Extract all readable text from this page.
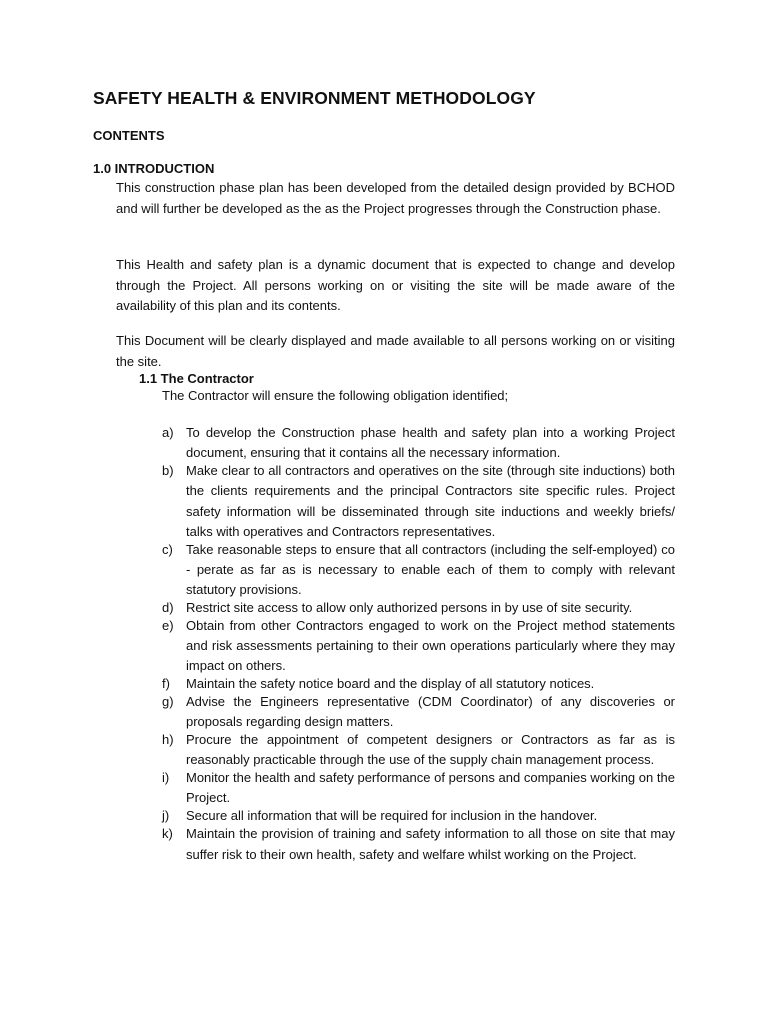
SAFETY HEALTH & ENVIRONMENT METHODOLOGY
CONTENTS
1.0 INTRODUCTION
This construction phase plan has been developed from the detailed design provided by BCHOD and will further be developed as the as the Project progresses through the Construction phase.
This Health and safety plan is a dynamic document that is expected to change and develop through the Project. All persons working on or visiting the site will be made aware of the availability of this plan and its contents.
This Document will be clearly displayed and made available to all persons working on or visiting the site.
1.1 The Contractor
The Contractor will ensure the following obligation identified;
a) To develop the Construction phase health and safety plan into a working Project document, ensuring that it contains all the necessary information.
b) Make clear to all contractors and operatives on the site (through site inductions) both the clients requirements and the principal Contractors site specific rules. Project safety information will be disseminated through site inductions and weekly briefs/ talks with operatives and Contractors representatives.
c)	Take reasonable steps to ensure that all contractors (including the self-employed) co - perate as far as is necessary to enable each of them to comply with relevant statutory provisions.
d) Restrict site access to allow only authorized persons in by use of site security.
e) Obtain from other Contractors engaged to work on the Project method statements and risk assessments pertaining to their own operations particularly where they may impact on others.
f)	Maintain the safety notice board and the display of all statutory notices.
g) Advise the Engineers representative (CDM Coordinator) of any discoveries or proposals regarding design matters.
h) Procure the appointment of competent designers or Contractors as far as is reasonably practicable through the use of the supply chain management process.
i)	Monitor the health and safety performance of persons and companies working on the Project.
j)	Secure all information that will be required for inclusion in the handover.
k)	Maintain the provision of training and safety information to all those on site that may suffer risk to their own health, safety and welfare whilst working on the Project.
